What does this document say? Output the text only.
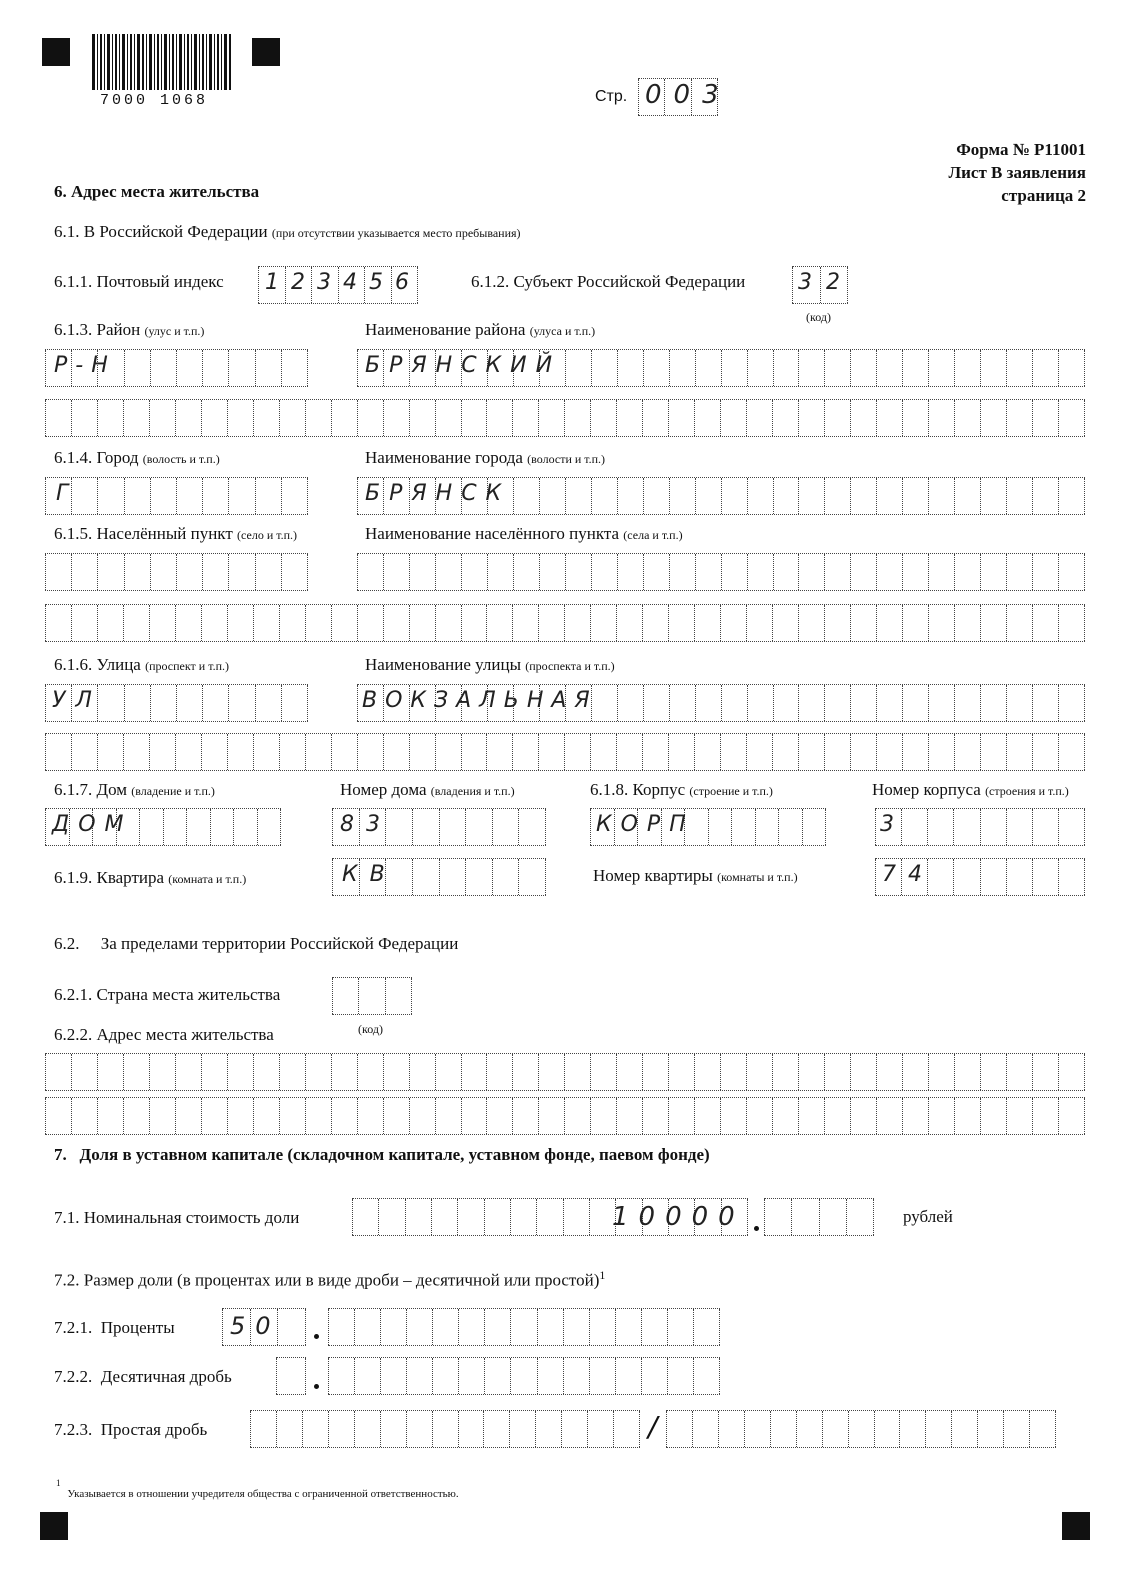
7000 1068	Стр. 003
Форма № Р11001
Лист В заявления
страница 2
6. Адрес места жительства
6.1. В Российской Федерации (при отсутствии указывается место пребывания)
6.1.1. Почтовый индекс 123456	6.1.2. Субъект Российской Федерации 32
(код)
6.1.3. Район (улус и т.п.)	Наименование района (улуса и т.п.)
Р-Н	БРЯНСКИЙ
6.1.4. Город (волость и т.п.)	Наименование города (волости и т.п.)
Г	БРЯНСК
6.1.5. Населённый пункт (село и т.п.)	Наименование населённого пункта (села и т.п.)
6.1.6. Улица (проспект и т.п.)	Наименование улицы (проспекта и т.п.)
УЛ	ВОКЗАЛЬНАЯ
6.1.7. Дом (владение и т.п.)	Номер дома (владения и т.п.)	6.1.8. Корпус (строение и т.п.)	Номер корпуса (строения и т.п.)
ДОМ	83	КОРП	3
6.1.9. Квартира (комната и т.п.)	КВ	Номер квартиры (комнаты и т.п.)	74
6.2.     За пределами территории Российской Федерации
6.2.1. Страна места жительства
(код)
6.2.2. Адрес места жительства
7.   Доля в уставном капитале (складочном капитале, уставном фонде, паевом фонде)
7.1. Номинальная стоимость доли	10000	рублей
7.2. Размер доли (в процентах или в виде дроби – десятичной или простой)$^1$
7.2.1.  Проценты 50
7.2.2.  Десятичная дробь
7.2.3.  Простая дробь	/
$^1$ Указывается в отношении учредителя общества с ограниченной ответственностью.
